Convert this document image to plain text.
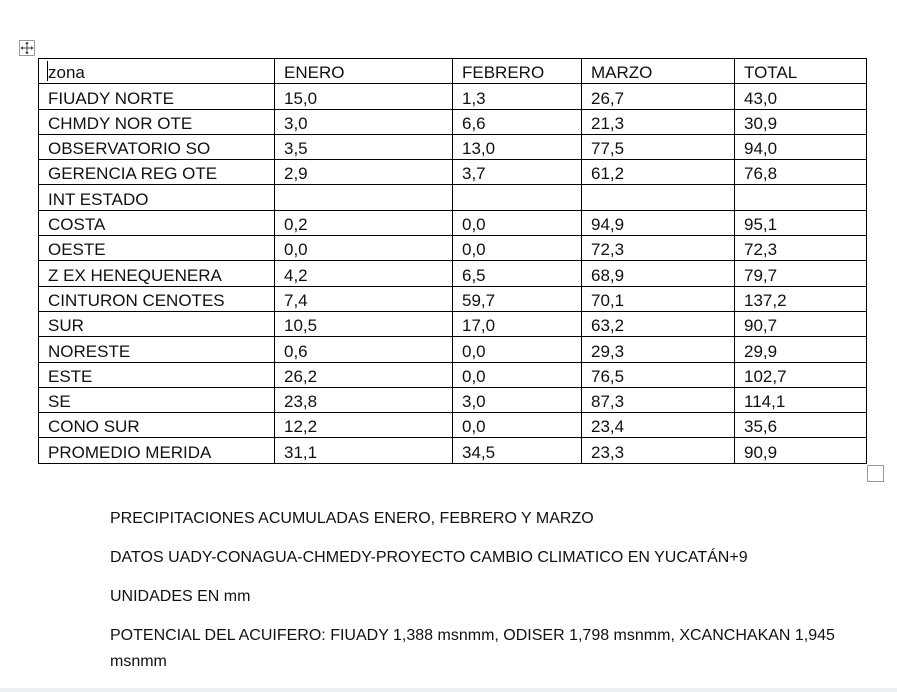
zona	ENERO	FEBRERO	MARZO	TOTAL
FIUADY NORTE	15,0	1,3	26,7	43,0
CHMDY NOR OTE	3,0	6,6	21,3	30,9
OBSERVATORIO SO	3,5	13,0	77,5	94,0
GERENCIA REG OTE	2,9	3,7	61,2	76,8
INT ESTADO				
COSTA	0,2	0,0	94,9	95,1
OESTE	0,0	0,0	72,3	72,3
Z EX HENEQUENERA	4,2	6,5	68,9	79,7
CINTURON CENOTES	7,4	59,7	70,1	137,2
SUR	10,5	17,0	63,2	90,7
NORESTE	0,6	0,0	29,3	29,9
ESTE	26,2	0,0	76,5	102,7
SE	23,8	3,0	87,3	114,1
CONO SUR	12,2	0,0	23,4	35,6
PROMEDIO MERIDA	31,1	34,5	23,3	90,9

PRECIPITACIONES ACUMULADAS ENERO, FEBRERO Y MARZO

DATOS UADY-CONAGUA-CHMEDY-PROYECTO CAMBIO CLIMATICO EN YUCATÁN+9

UNIDADES EN mm

POTENCIAL DEL ACUIFERO: FIUADY 1,388 msnmm, ODISER 1,798 msnmm, XCANCHAKAN 1,945 msnmm
